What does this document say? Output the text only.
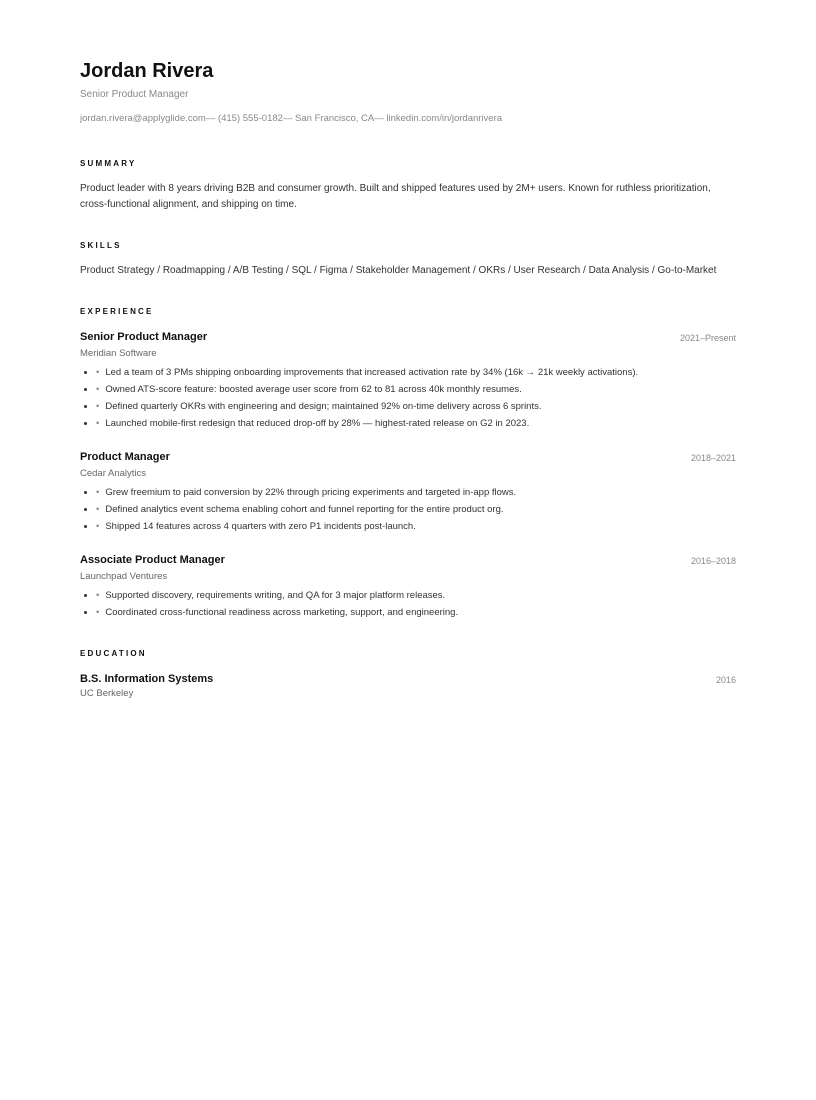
Jordan Rivera
Senior Product Manager
jordan.rivera@applyglide.com— (415) 555-0182— San Francisco, CA— linkedin.com/in/jordanrivera
SUMMARY
Product leader with 8 years driving B2B and consumer growth. Built and shipped features used by 2M+ users. Known for ruthless prioritization, cross-functional alignment, and shipping on time.
SKILLS
Product Strategy / Roadmapping / A/B Testing / SQL / Figma / Stakeholder Management / OKRs / User Research / Data Analysis / Go-to-Market
EXPERIENCE
Senior Product Manager	2021–Present
Meridian Software
• • Led a team of 3 PMs shipping onboarding improvements that increased activation rate by 34% (16k → 21k weekly activations).
• • Owned ATS-score feature: boosted average user score from 62 to 81 across 40k monthly resumes.
• • Defined quarterly OKRs with engineering and design; maintained 92% on-time delivery across 6 sprints.
• • Launched mobile-first redesign that reduced drop-off by 28% — highest-rated release on G2 in 2023.
Product Manager	2018–2021
Cedar Analytics
• • Grew freemium to paid conversion by 22% through pricing experiments and targeted in-app flows.
• • Defined analytics event schema enabling cohort and funnel reporting for the entire product org.
• • Shipped 14 features across 4 quarters with zero P1 incidents post-launch.
Associate Product Manager	2016–2018
Launchpad Ventures
• • Supported discovery, requirements writing, and QA for 3 major platform releases.
• • Coordinated cross-functional readiness across marketing, support, and engineering.
EDUCATION
B.S. Information Systems	2016
UC Berkeley
